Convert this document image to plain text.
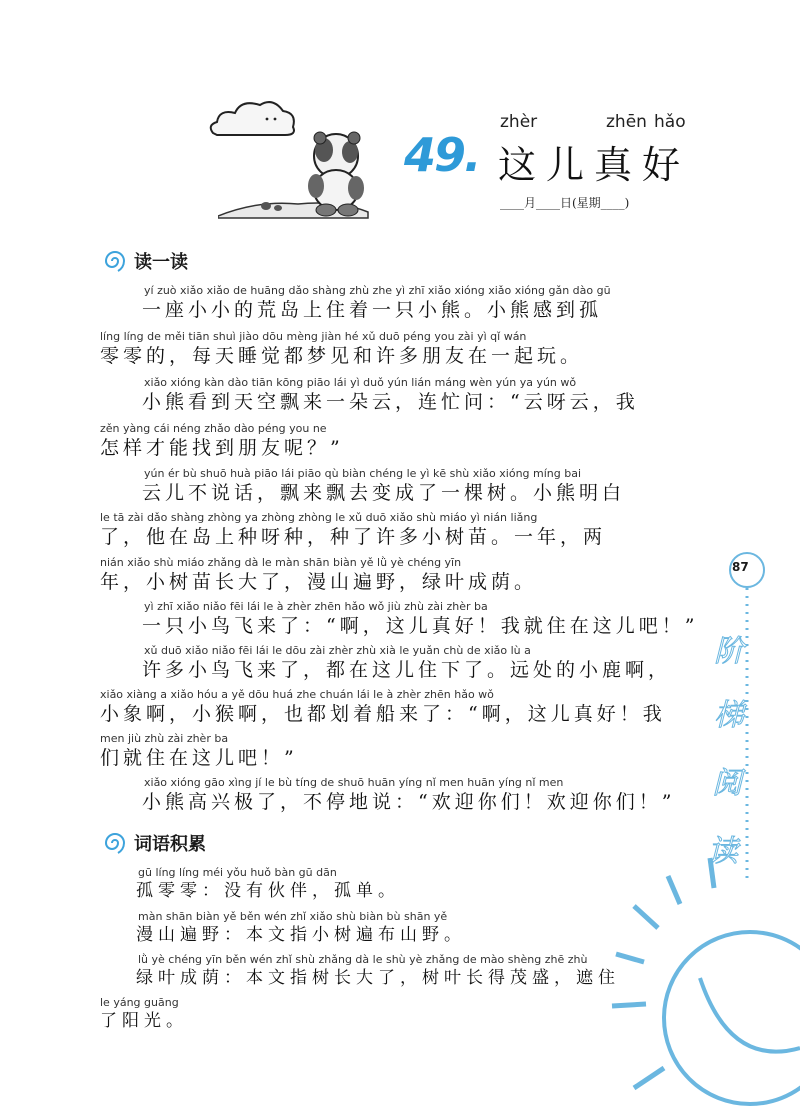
49.
zhèr	zhēn hǎo
这儿真好
____月____日(星期____)
读一读
yí zuò xiǎo xiǎo de huāng dǎo shàng zhù zhe yì zhī xiǎo xióng xiǎo xióng gǎn dào gū
一座小小的荒岛上住着一只小熊。小熊感到孤
líng líng de měi tiān shuì jiào dōu mèng jiàn hé xǔ duō péng you zài yì qǐ wán
零零的，每天睡觉都梦见和许多朋友在一起玩。
xiǎo xióng kàn dào tiān kōng piāo lái yì duǒ yún lián máng wèn yún ya yún wǒ
小熊看到天空飘来一朵云，连忙问：“云呀云，我
zěn yàng cái néng zhǎo dào péng you ne
怎样才能找到朋友呢？”
yún ér bù shuō huà piāo lái piāo qù biàn chéng le yì kē shù xiǎo xióng míng bai
云儿不说话，飘来飘去变成了一棵树。小熊明白
le tā zài dǎo shàng zhòng ya zhòng zhòng le xǔ duō xiǎo shù miáo yì nián liǎng
了，他在岛上种呀种，种了许多小树苗。一年，两
nián xiǎo shù miáo zhǎng dà le màn shān biàn yě lǜ yè chéng yīn
年，小树苗长大了，漫山遍野，绿叶成荫。
yì zhī xiǎo niǎo fēi lái le à zhèr zhēn hǎo wǒ jiù zhù zài zhèr ba
一只小鸟飞来了：“啊，这儿真好！我就住在这儿吧！”
xǔ duō xiǎo niǎo fēi lái le dōu zài zhèr zhù xià le yuǎn chù de xiǎo lù a
许多小鸟飞来了，都在这儿住下了。远处的小鹿啊，
xiǎo xiàng a xiǎo hóu a yě dōu huá zhe chuán lái le à zhèr zhēn hǎo wǒ
小象啊，小猴啊，也都划着船来了：“啊，这儿真好！我
men jiù zhù zài zhèr ba
们就住在这儿吧！”
xiǎo xióng gāo xìng jí le bù tíng de shuō huān yíng nǐ men huān yíng nǐ men
小熊高兴极了，不停地说：“欢迎你们！欢迎你们！”
词语积累
gū líng líng méi yǒu huǒ bàn gū dān
孤零零：没有伙伴，孤单。
màn shān biàn yě běn wén zhǐ xiǎo shù biàn bù shān yě
漫山遍野：本文指小树遍布山野。
lǜ yè chéng yīn běn wén zhǐ shù zhǎng dà le shù yè zhǎng de mào shèng zhē zhù
绿叶成荫：本文指树长大了，树叶长得茂盛，遮住
le yáng guāng
了阳光。
87
阶
梯
阅
读
